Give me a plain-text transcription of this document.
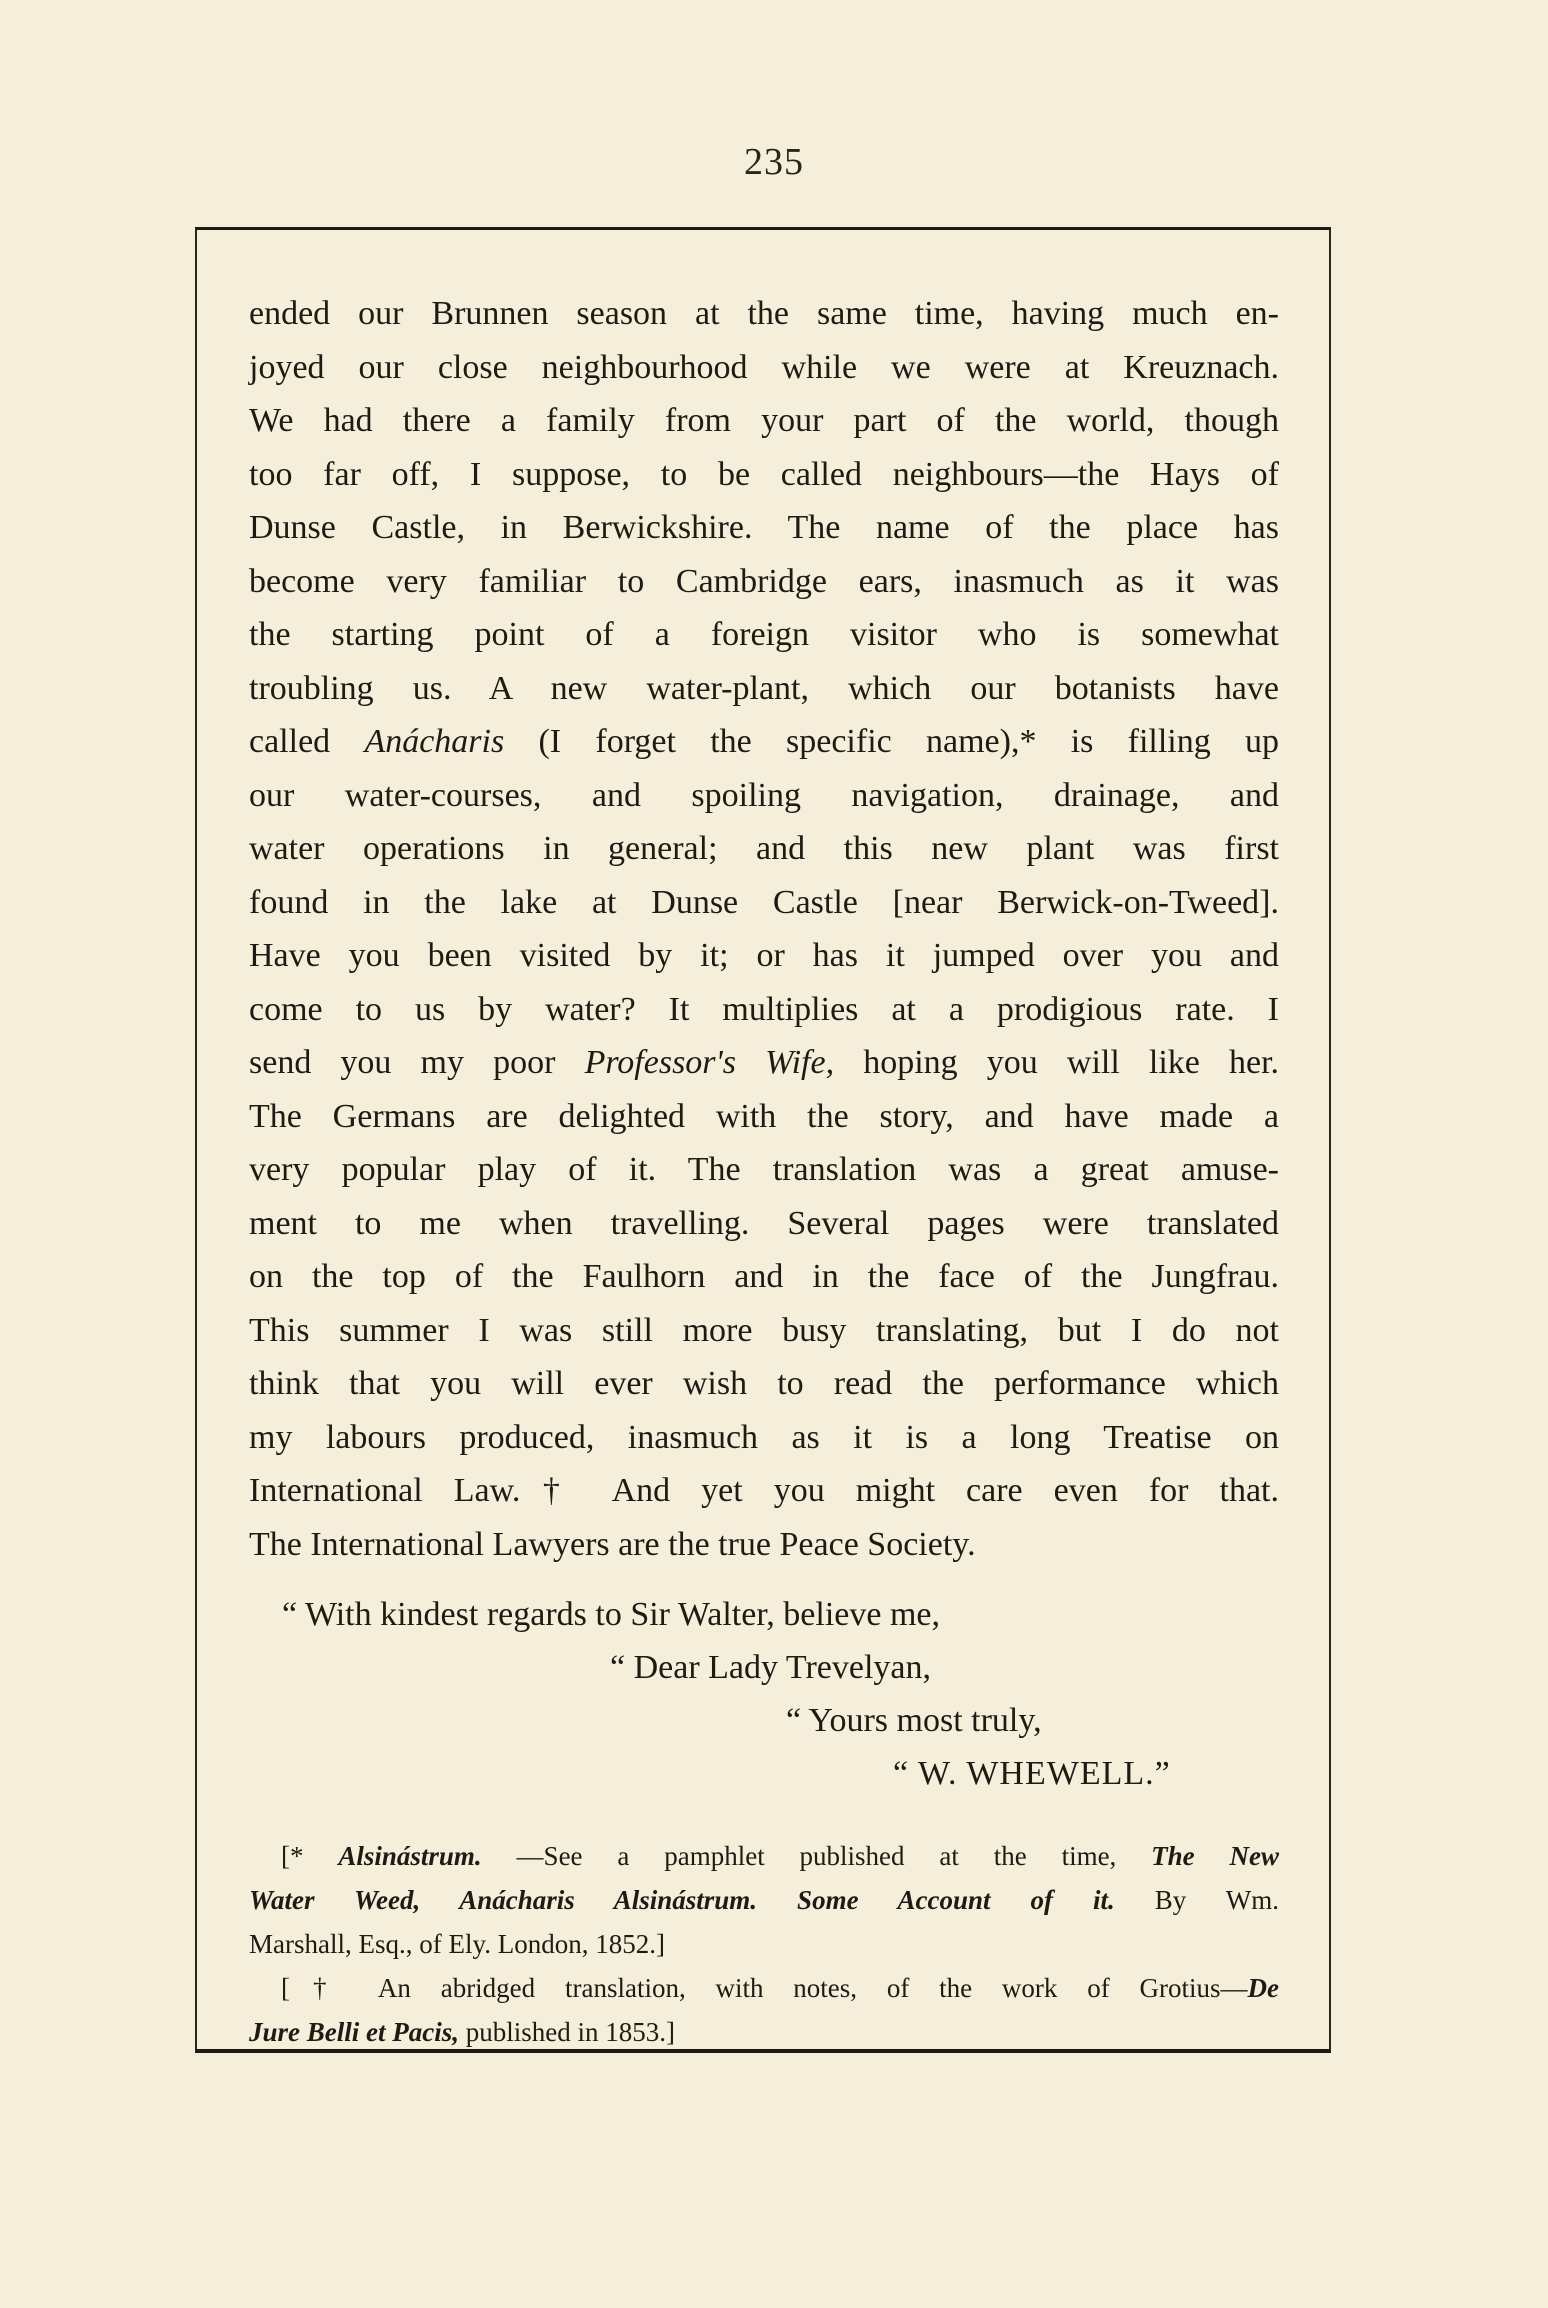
235
ended our Brunnen season at the same time, having much en-
joyed our close neighbourhood while we were at Kreuznach.
We had there a family from your part of the world, though
too far off, I suppose, to be called neighbours—the Hays of
Dunse Castle, in Berwickshire. The name of the place has
become very familiar to Cambridge ears, inasmuch as it was
the starting point of a foreign visitor who is somewhat
troubling us. A new water-plant, which our botanists have
called Anácharis (I forget the specific name),* is filling up
our water-courses, and spoiling navigation, drainage, and
water operations in general; and this new plant was first
found in the lake at Dunse Castle [near Berwick-on-Tweed].
Have you been visited by it; or has it jumped over you and
come to us by water? It multiplies at a prodigious rate. I
send you my poor Professor's Wife, hoping you will like her.
The Germans are delighted with the story, and have made a
very popular play of it. The translation was a great amuse-
ment to me when travelling. Several pages were translated
on the top of the Faulhorn and in the face of the Jungfrau.
This summer I was still more busy translating, but I do not
think that you will ever wish to read the performance which
my labours produced, inasmuch as it is a long Treatise on
International Law.† And yet you might care even for that.
The International Lawyers are the true Peace Society.
“ With kindest regards to Sir Walter, believe me,
“ Dear Lady Trevelyan,
“ Yours most truly,
“ W. WHEWELL.”
[* Alsinástrum. —See a pamphlet published at the time, The New
Water Weed, Anácharis Alsinástrum. Some Account of it. By Wm.
Marshall, Esq., of Ely. London, 1852.]
[† An abridged translation, with notes, of the work of Grotius—De
Jure Belli et Pacis, published in 1853.]
